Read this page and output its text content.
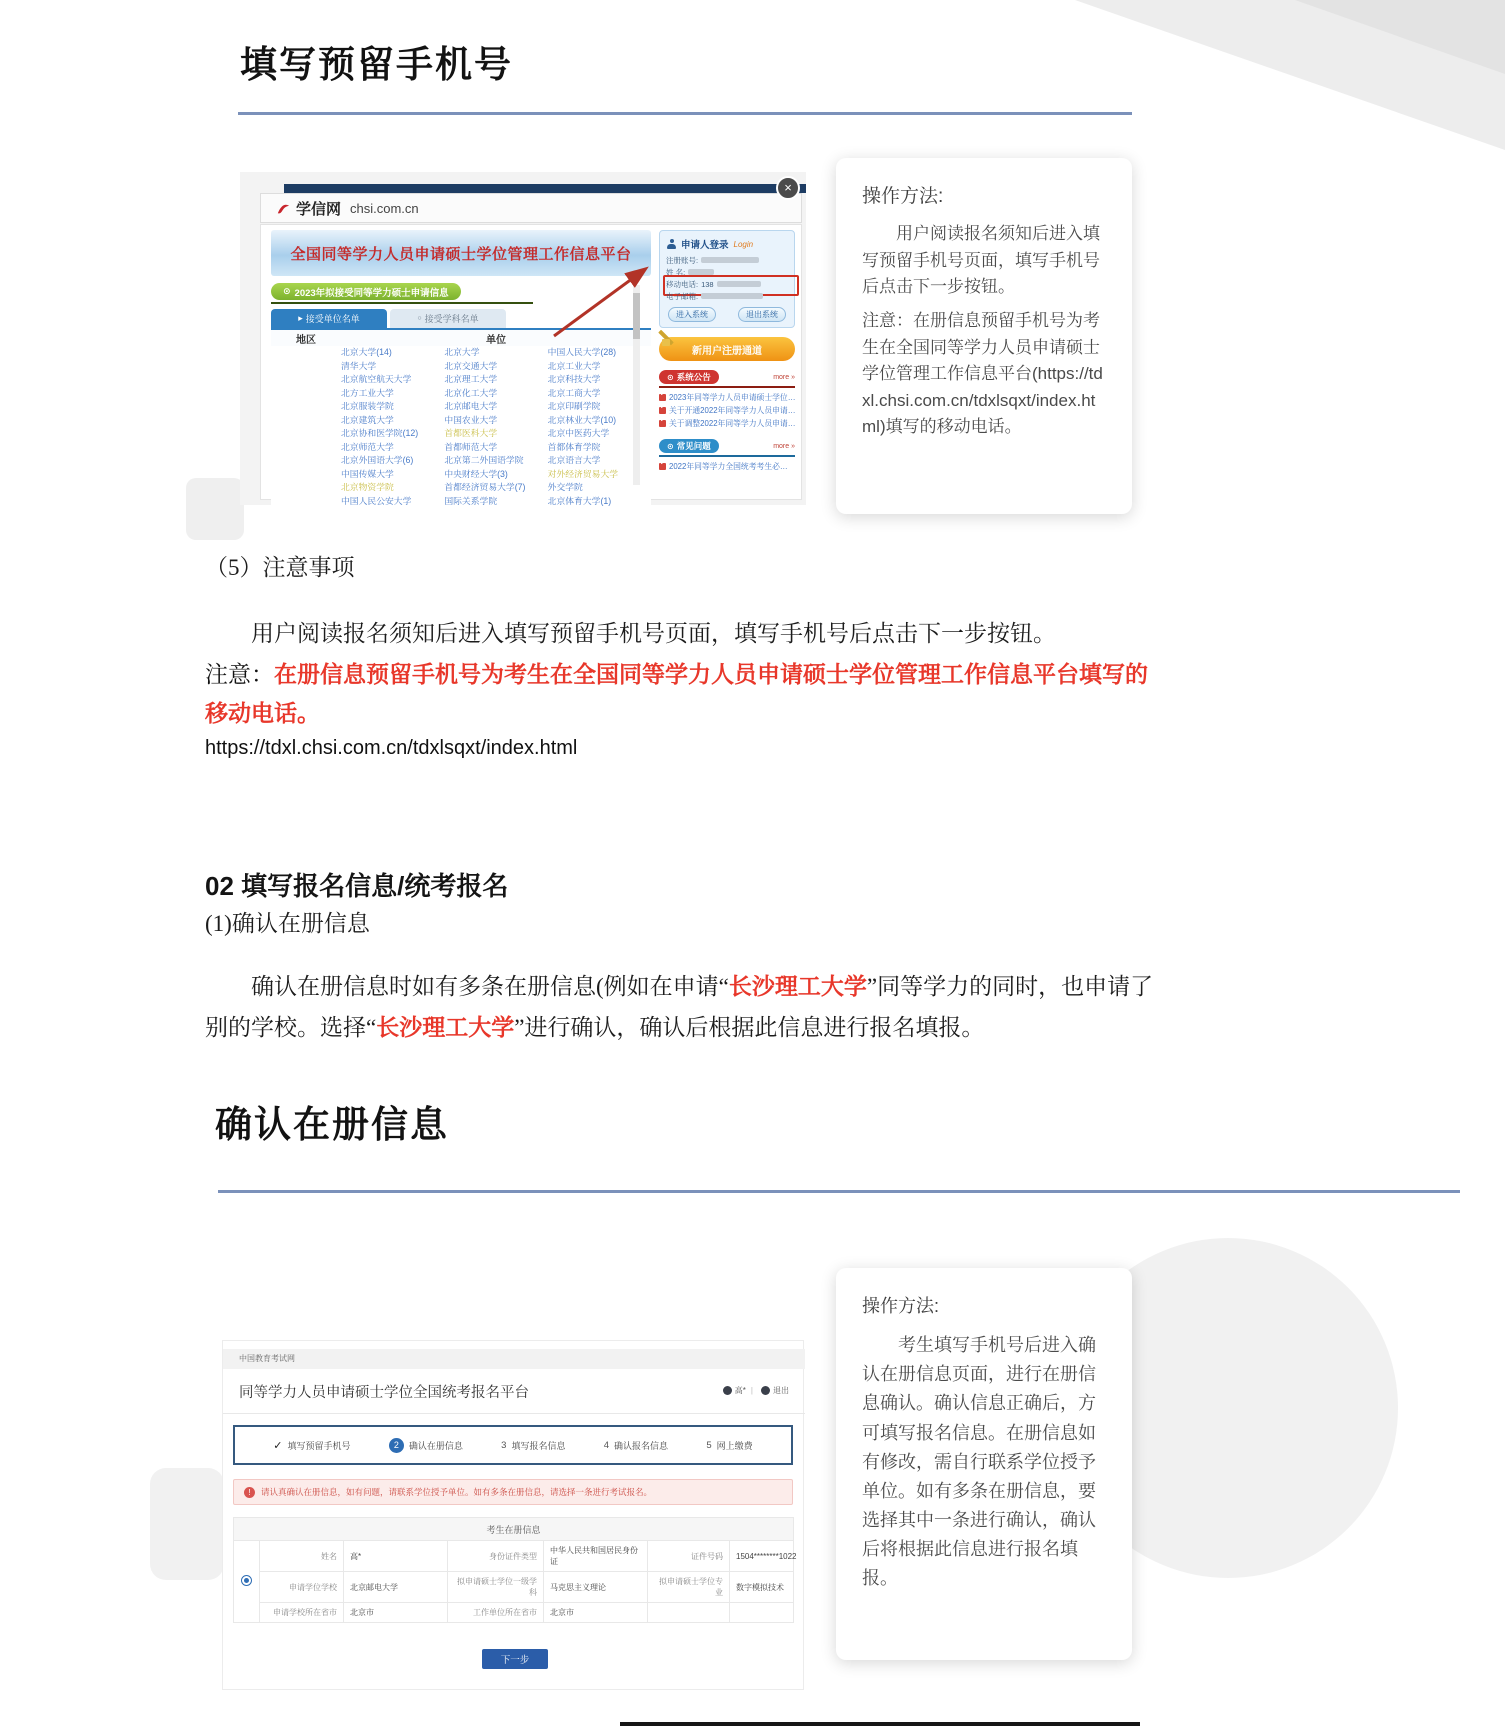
填写预留手机号
学信网 chsi.com.cn
×
全国同等学力人员申请硕士学位管理工作信息平台
⊙ 2023年拟接受同等学力硕士申请信息
▸ 接受单位名单	○ 接受学科名单
地区	单位
北京大学(14)	北京大学	中国人民大学(28)
清华大学	北京交通大学	北京工业大学
北京航空航天大学	北京理工大学	北京科技大学
北方工业大学	北京化工大学	北京工商大学
北京服装学院	北京邮电大学	北京印刷学院
北京建筑大学	中国农业大学	北京林业大学(10)
北京协和医学院(12)	首都医科大学	北京中医药大学
北京师范大学	首都师范大学	首都体育学院
北京外国语大学(6)	北京第二外国语学院	北京语言大学
中国传媒大学	中央财经大学(3)	对外经济贸易大学
北京物资学院	首都经济贸易大学(7)	外交学院
中国人民公安大学	国际关系学院	北京体育大学(1)
申请人登录 Login
注册账号:
姓 名:
移动电话: 138
电子邮箱:
进入系统	退出系统
新用户注册通道
⊙ 系统公告	more »
►
2023年同等学力人员申请硕士学位…
►
关于开通2022年同等学力人员申请…
►
关于调整2022年同等学力人员申请…
⊙ 常见问题	more »
►
2022年同等学力全国统考考生必…

操作方法:

用户阅读报名须知后进入填写预留手机号页面，填写手机号后点击下一步按钮。

注意：在册信息预留手机号为考生在全国同等学力人员申请硕士学位管理工作信息平台(https://tdxl.chsi.com.cn/tdxlsqxt/index.html)填写的移动电话。

（5）注意事项
用户阅读报名须知后进入填写预留手机号页面，填写手机号后点击下一步按钮。
注意：在册信息预留手机号为考生在全国同等学力人员申请硕士学位管理工作信息平台填写的移动电话。
https://tdxl.chsi.com.cn/tdxlsqxt/index.html
02 填写报名信息/统考报名
(1)确认在册信息
确认在册信息时如有多条在册信息(例如在申请“长沙理工大学”同等学力的同时，也申请了别的学校。选择“长沙理工大学”进行确认，确认后根据此信息进行报名填报。
确认在册信息
中国教育考试网
同等学力人员申请硕士学位全国统考报名平台	高* |	退出
✓ 填写预留手机号	2	确认在册信息	3 填写报名信息	4 确认报名信息	5 网上缴费
!	请认真确认在册信息，如有问题，请联系学位授予单位。如有多条在册信息，请选择一条进行考试报名。
考生在册信息						
	姓名	高*	身份证件类型	中华人民共和国居民身份证	证件号码	1504********1022
	申请学位学校	北京邮电大学	拟申请硕士学位一级学科	马克思主义理论	拟申请硕士学位专业	数字模拟技术
	申请学校所在省市	北京市	工作单位所在省市	北京市		
下一步

操作方法:

考生填写手机号后进入确认在册信息页面，进行在册信息确认。确认信息正确后，方可填写报名信息。在册信息如有修改，需自行联系学位授予单位。如有多条在册信息，要选择其中一条进行确认，确认后将根据此信息进行报名填报。
